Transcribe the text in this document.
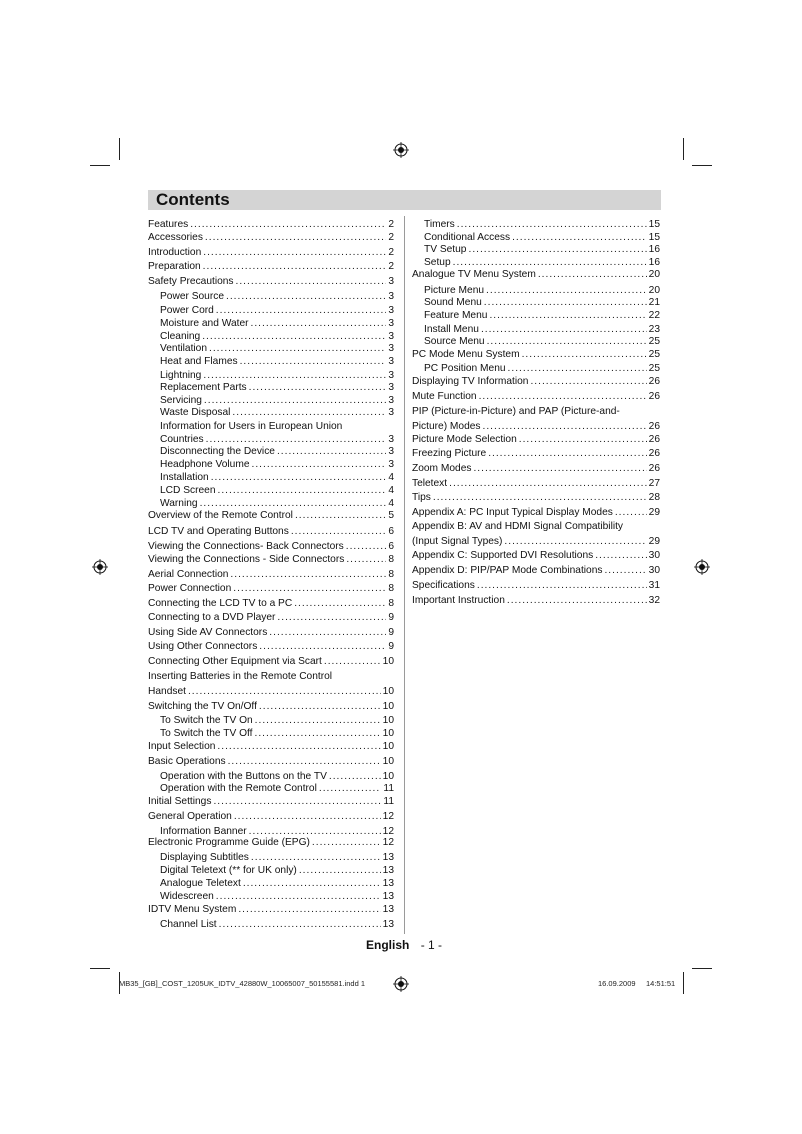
Contents
Features .....	2
Accessories .....	2
Introduction .....	2
Preparation .....	2
Safety Precautions .....	3
Power Source .....	3
Power Cord .....	3
Moisture and Water .....	3
Cleaning .....	3
Ventilation .....	3
Heat and Flames .....	3
Lightning .....	3
Replacement Parts .....	3
Servicing .....	3
Waste Disposal .....	3
Information for Users in European Union
Countries .....	3
Disconnecting the Device .....	3
Headphone Volume .....	3
Installation .....	4
LCD Screen .....	4
Warning .....	4
Overview of the Remote Control .....	5
LCD TV and Operating Buttons .....	6
Viewing the Connections- Back Connectors .....	6
Viewing the Connections - Side Connectors .....	8
Aerial Connection .....	8
Power Connection .....	8
Connecting the LCD TV to a PC .....	8
Connecting to a DVD Player .....	9
Using Side AV Connectors .....	9
Using Other Connectors .....	9
Connecting Other Equipment via Scart .....	10
Inserting Batteries in the Remote Control
Handset .....	10
Switching the TV On/Off .....	10
To Switch the TV On .....	10
To Switch the TV Off .....	10
Input Selection .....	10
Basic Operations .....	10
Operation with the Buttons on the TV .....	10
Operation with the Remote Control .....	11
Initial Settings .....	11
General Operation .....	12
Information Banner .....	12
Electronic Programme Guide (EPG) .....	12
Displaying Subtitles .....	13
Digital Teletext (** for UK only) .....	13
Analogue Teletext .....	13
Widescreen .....	13
IDTV Menu System .....	13
Channel List .....	13
Timers .....	15
Conditional Access .....	15
TV Setup .....	16
Setup .....	16
Analogue TV Menu System .....	20
Picture Menu .....	20
Sound Menu .....	21
Feature Menu .....	22
Install Menu .....	23
Source Menu .....	25
PC Mode Menu System .....	25
PC Position Menu .....	25
Displaying TV Information .....	26
Mute Function .....	26
PIP (Picture-in-Picture) and PAP (Picture-and-
Picture) Modes .....	26
Picture Mode Selection .....	26
Freezing Picture .....	26
Zoom Modes .....	26
Teletext .....	27
Tips .....	28
Appendix A: PC Input Typical Display Modes .....	29
Appendix B: AV and HDMI Signal Compatibility
(Input Signal Types) .....	29
Appendix C: Supported DVI Resolutions .....	30
Appendix D: PIP/PAP Mode Combinations .....	30
Specifications .....	31
Important Instruction .....	32
English - 1 -
MB35_[GB]_COST_1205UK_IDTV_42880W_10065007_50155581.indd 1	16.09.2009 14:51:51
